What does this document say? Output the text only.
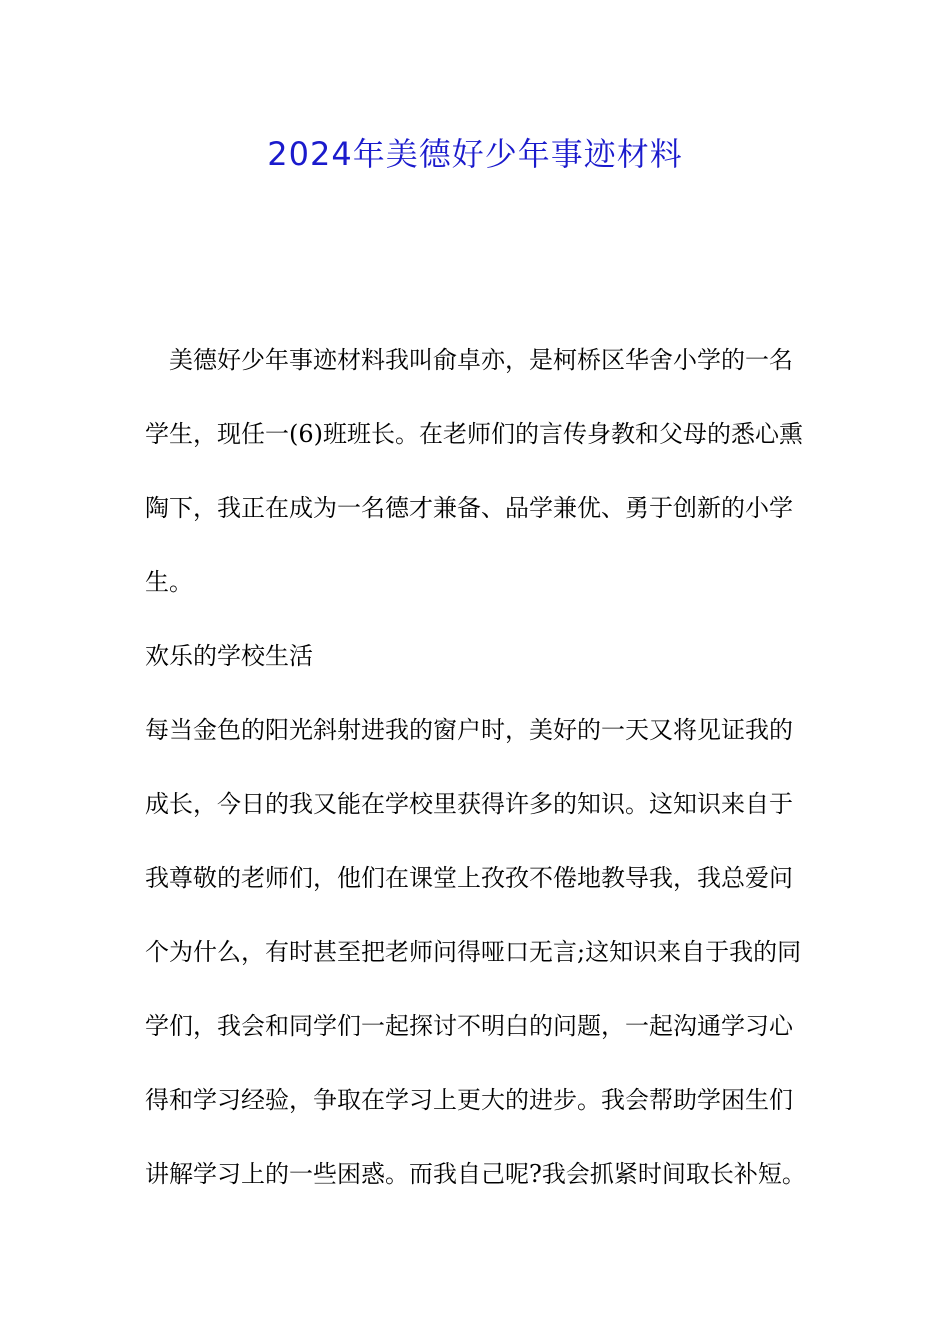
2024年美德好少年事迹材料

美德好少年事迹材料我叫俞卓亦，是柯桥区华舍小学的一名
学生，现任一(6)班班长。在老师们的言传身教和父母的悉心熏
陶下，我正在成为一名德才兼备、品学兼优、勇于创新的小学
生。

欢乐的学校生活

每当金色的阳光斜射进我的窗户时，美好的一天又将见证我的
成长，今日的我又能在学校里获得许多的知识。这知识来自于
我尊敬的老师们，他们在课堂上孜孜不倦地教导我，我总爱问
个为什么，有时甚至把老师问得哑口无言;这知识来自于我的同
学们，我会和同学们一起探讨不明白的问题，一起沟通学习心
得和学习经验，争取在学习上更大的进步。我会帮助学困生们
讲解学习上的一些困惑。而我自己呢?我会抓紧时间取长补短。
